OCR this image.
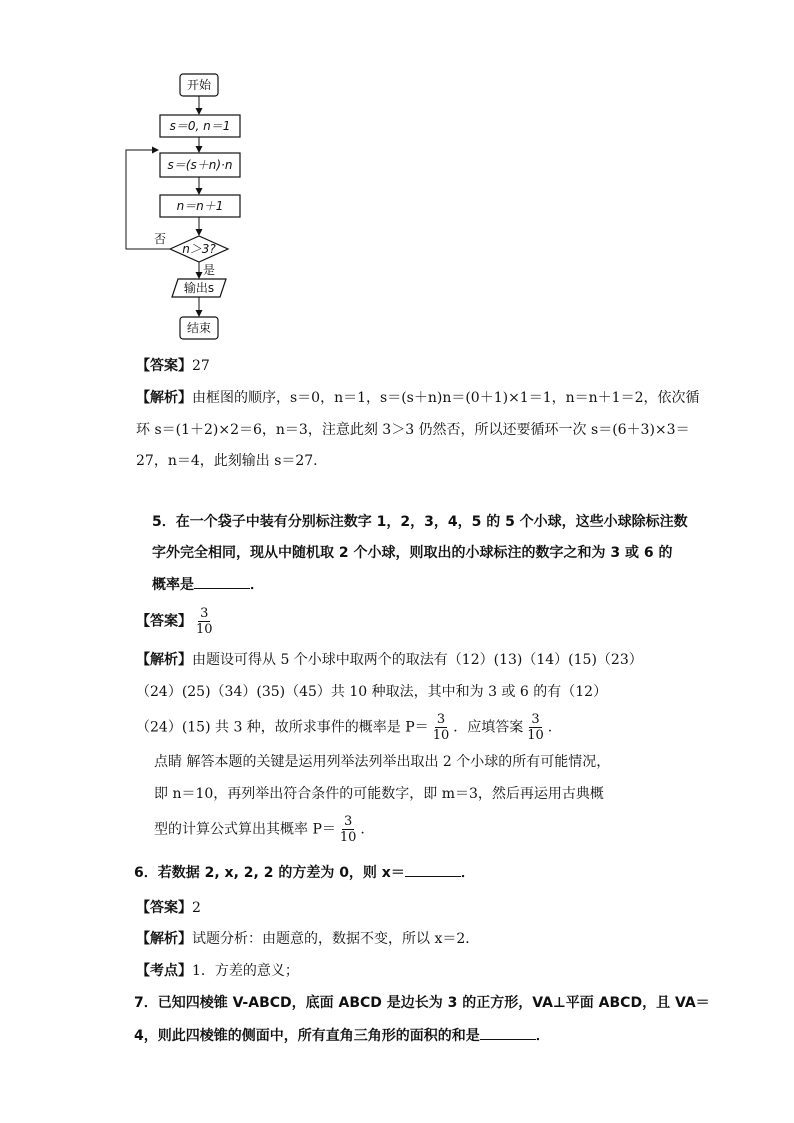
开始
s＝0, n＝1
s＝(s＋n)·n
n＝n＋1
n＞3?
否
是
输出s
结束
【答案】27
【解析】由框图的顺序，s＝0，n＝1，s＝(s＋n)n＝(0＋1)×1＝1，n＝n＋1＝2，依次循
环 s＝(1＋2)×2＝6，n＝3，注意此刻 3＞3 仍然否，所以还要循环一次 s＝(6＋3)×3＝
27，n＝4，此刻输出 s＝27.
5．在一个袋子中装有分别标注数字 1，2，3，4，5 的 5 个小球，这些小球除标注数
字外完全相同，现从中随机取 2 个小球，则取出的小球标注的数字之和为 3 或 6 的
概率是	．
【答案】 $\frac{3}{10}$
【解析】由题设可得从 5 个小球中取两个的取法有（12）(13)（14）(15)（23）
（24）(25)（34）(35)（45）共 10 种取法，其中和为 3 或 6 的有（12）
（24）(15) 共 3 种，故所求事件的概率是 $P= \frac{3}{10}$ ．应填答案 $\frac{3}{10}$ .
点睛 解答本题的关键是运用列举法列举出取出 2 个小球的所有可能情况，
即 n＝10，再列举出符合条件的可能数字，即 m＝3，然后再运用古典概
型的计算公式算出其概率 $P= \frac{3}{10}$ .
6．若数据 2, x, 2, 2 的方差为 0，则 x＝	．
【答案】2
【解析】试题分析：由题意的，数据不变，所以 x＝2．
【考点】1．方差的意义；
7．已知四棱锥 V-ABCD，底面 ABCD 是边长为 3 的正方形，VA⊥平面 ABCD，且 VA＝
4，则此四棱锥的侧面中，所有直角三角形的面积的和是	．
